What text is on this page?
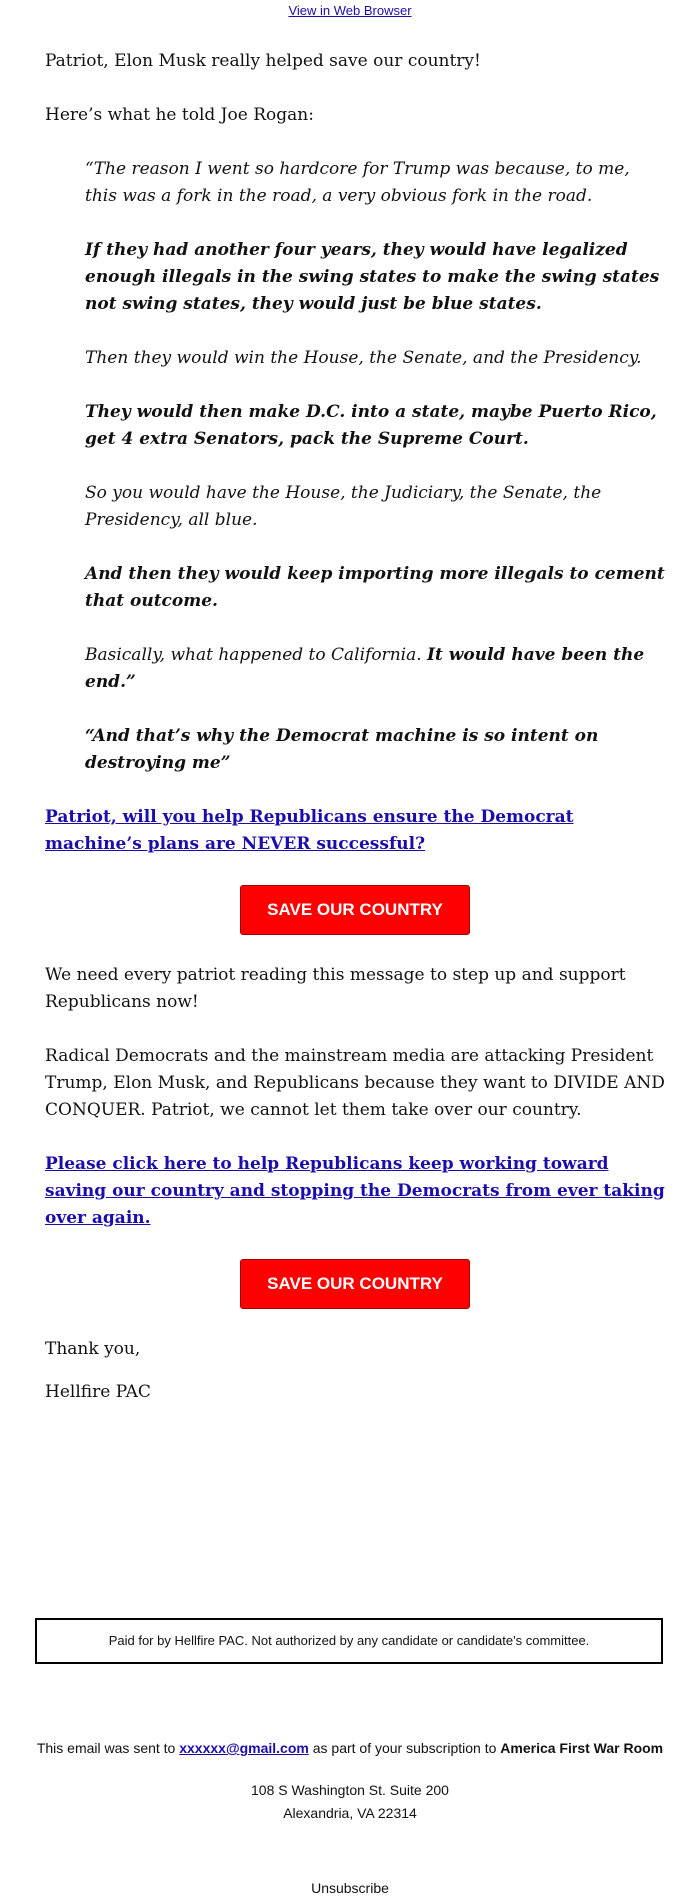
View in Web Browser

Patriot, Elon Musk really helped save our country!

Here’s what he told Joe Rogan:

“The reason I went so hardcore for Trump was because, to me, this was a fork in the road, a very obvious fork in the road.

If they had another four years, they would have legalized enough illegals in the swing states to make the swing states not swing states, they would just be blue states.

Then they would win the House, the Senate, and the Presidency.

They would then make D.C. into a state, maybe Puerto Rico, get 4 extra Senators, pack the Supreme Court.

So you would have the House, the Judiciary, the Senate, the Presidency, all blue.

And then they would keep importing more illegals to cement that outcome.

Basically, what happened to California. It would have been the end.”

“And that’s why the Democrat machine is so intent on destroying me”

Patriot, will you help Republicans ensure the Democrat machine’s plans are NEVER successful?

SAVE OUR COUNTRY

We need every patriot reading this message to step up and support Republicans now!

Radical Democrats and the mainstream media are attacking President Trump, Elon Musk, and Republicans because they want to DIVIDE AND CONQUER. Patriot, we cannot let them take over our country.

Please click here to help Republicans keep working toward saving our country and stopping the Democrats from ever taking over again.

SAVE OUR COUNTRY

Thank you,

Hellfire PAC

Paid for by Hellfire PAC. Not authorized by any candidate or candidate's committee.
This email was sent to xxxxxx@gmail.com as part of your subscription to America First War Room
108 S Washington St. Suite 200
Alexandria, VA 22314
Unsubscribe
